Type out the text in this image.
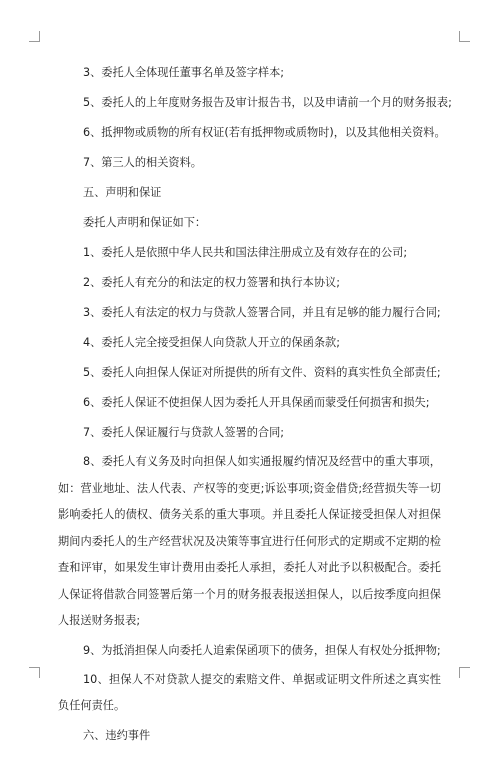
3、委托人全体现任董事名单及签字样本;

5、委托人的上年度财务报告及审计报告书，以及申请前一个月的财务报表;

6、抵押物或质物的所有权证(若有抵押物或质物时)，以及其他相关资料。

7、第三人的相关资料。

五、声明和保证

委托人声明和保证如下：

1、委托人是依照中华人民共和国法律注册成立及有效存在的公司;

2、委托人有充分的和法定的权力签署和执行本协议;

3、委托人有法定的权力与贷款人签署合同，并且有足够的能力履行合同;

4、委托人完全接受担保人向贷款人开立的保函条款;

5、委托人向担保人保证对所提供的所有文件、资料的真实性负全部责任;

6、委托人保证不使担保人因为委托人开具保函而蒙受任何损害和损失;

7、委托人保证履行与贷款人签署的合同;

8、委托人有义务及时向担保人如实通报履约情况及经营中的重大事项，如：营业地址、法人代表、产权等的变更;诉讼事项;资金借贷;经营损失等一切影响委托人的债权、债务关系的重大事项。并且委托人保证接受担保人对担保期间内委托人的生产经营状况及决策等事宜进行任何形式的定期或不定期的检查和评审，如果发生审计费用由委托人承担，委托人对此予以积极配合。委托人保证将借款合同签署后第一个月的财务报表报送担保人，以后按季度向担保人报送财务报表;

9、为抵消担保人向委托人追索保函项下的债务，担保人有权处分抵押物;

10、担保人不对贷款人提交的索赔文件、单据或证明文件所述之真实性负任何责任。

六、违约事件
